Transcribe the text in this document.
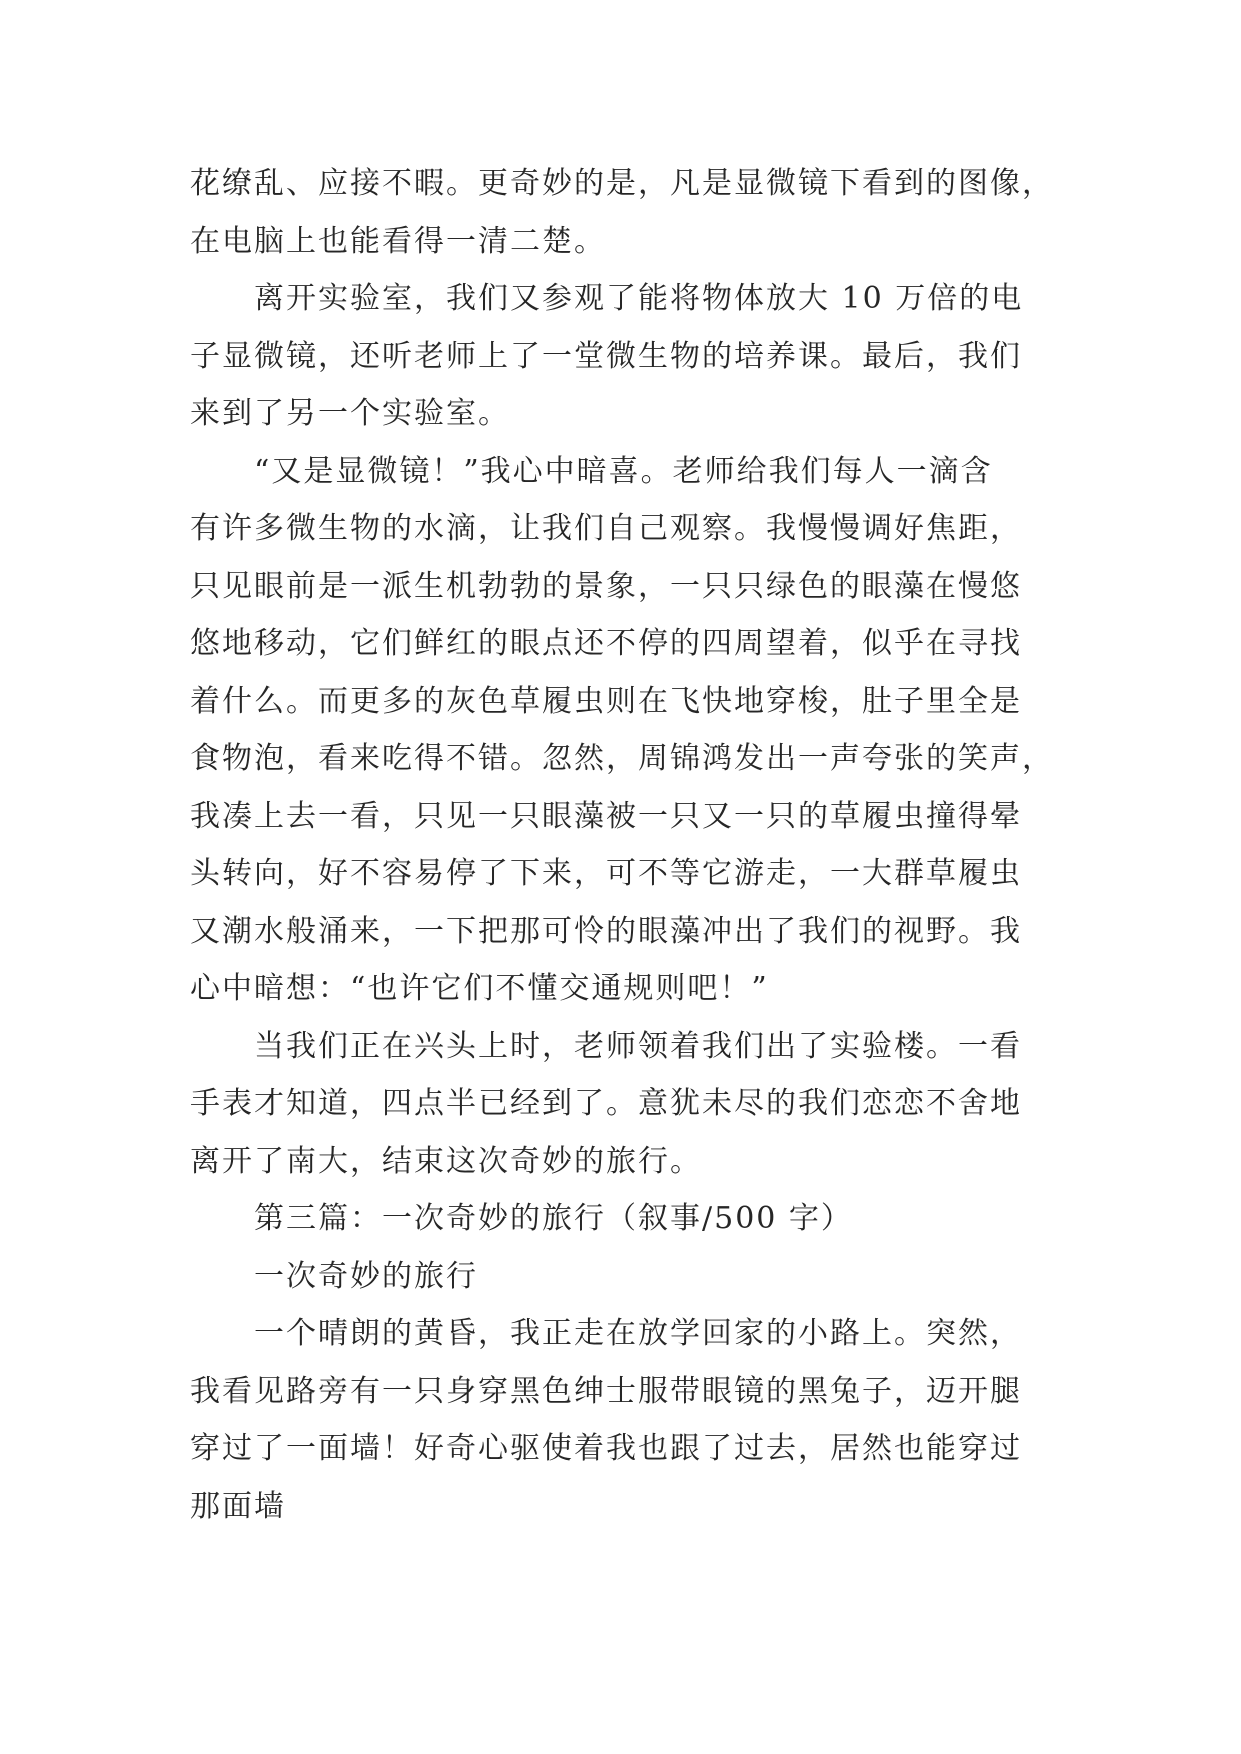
花缭乱、应接不暇。更奇妙的是，凡是显微镜下看到的图像，
在电脑上也能看得一清二楚。
离开实验室，我们又参观了能将物体放大 10 万倍的电
子显微镜，还听老师上了一堂微生物的培养课。最后，我们
来到了另一个实验室。
“又是显微镜！”我心中暗喜。老师给我们每人一滴含
有许多微生物的水滴，让我们自己观察。我慢慢调好焦距，
只见眼前是一派生机勃勃的景象，一只只绿色的眼藻在慢悠
悠地移动，它们鲜红的眼点还不停的四周望着，似乎在寻找
着什么。而更多的灰色草履虫则在飞快地穿梭，肚子里全是
食物泡，看来吃得不错。忽然，周锦鸿发出一声夸张的笑声，
我凑上去一看，只见一只眼藻被一只又一只的草履虫撞得晕
头转向，好不容易停了下来，可不等它游走，一大群草履虫
又潮水般涌来，一下把那可怜的眼藻冲出了我们的视野。我
心中暗想：“也许它们不懂交通规则吧！”
当我们正在兴头上时，老师领着我们出了实验楼。一看
手表才知道，四点半已经到了。意犹未尽的我们恋恋不舍地
离开了南大，结束这次奇妙的旅行。
第三篇：一次奇妙的旅行（叙事/500 字）
一次奇妙的旅行
一个晴朗的黄昏，我正走在放学回家的小路上。突然，
我看见路旁有一只身穿黑色绅士服带眼镜的黑兔子，迈开腿
穿过了一面墙！好奇心驱使着我也跟了过去，居然也能穿过
那面墙
